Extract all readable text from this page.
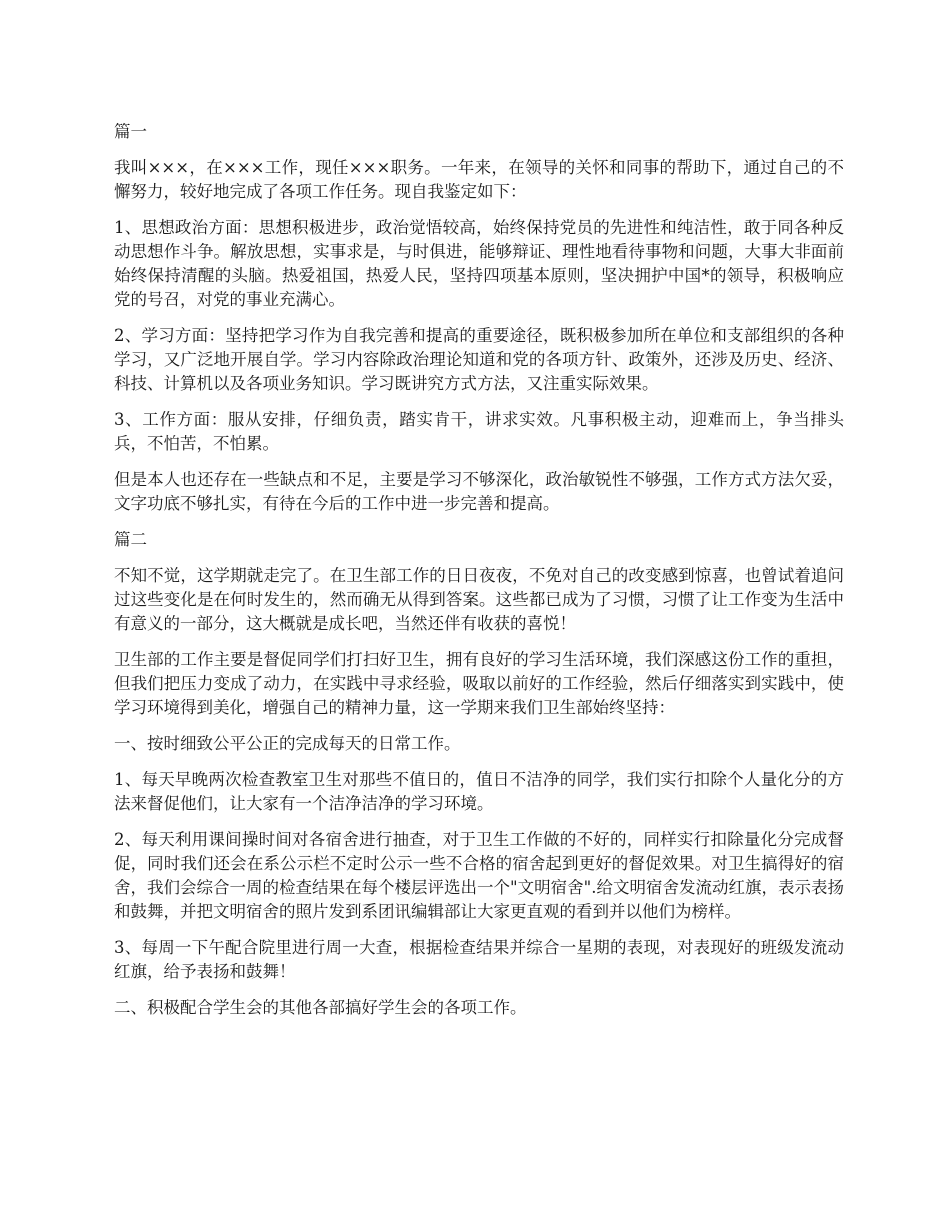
篇一

我叫×××，在×××工作，现任×××职务。一年来，在领导的关怀和同事的帮助下，通过自己的不懈努力，较好地完成了各项工作任务。现自我鉴定如下：

1、思想政治方面：思想积极进步，政治觉悟较高，始终保持党员的先进性和纯洁性，敢于同各种反动思想作斗争。解放思想，实事求是，与时俱进，能够辩证、理性地看待事物和问题，大事大非面前始终保持清醒的头脑。热爱祖国，热爱人民，坚持四项基本原则，坚决拥护中国*的领导，积极响应党的号召，对党的事业充满心。

2、学习方面：坚持把学习作为自我完善和提高的重要途径，既积极参加所在单位和支部组织的各种学习，又广泛地开展自学。学习内容除政治理论知道和党的各项方针、政策外，还涉及历史、经济、科技、计算机以及各项业务知识。学习既讲究方式方法，又注重实际效果。

3、工作方面：服从安排，仔细负责，踏实肯干，讲求实效。凡事积极主动，迎难而上，争当排头兵，不怕苦，不怕累。

但是本人也还存在一些缺点和不足，主要是学习不够深化，政治敏锐性不够强，工作方式方法欠妥，文字功底不够扎实，有待在今后的工作中进一步完善和提高。

篇二

不知不觉，这学期就走完了。在卫生部工作的日日夜夜，不免对自己的改变感到惊喜，也曾试着追问过这些变化是在何时发生的，然而确无从得到答案。这些都已成为了习惯，习惯了让工作变为生活中有意义的一部分，这大概就是成长吧，当然还伴有收获的喜悦！

卫生部的工作主要是督促同学们打扫好卫生，拥有良好的学习生活环境，我们深感这份工作的重担，但我们把压力变成了动力，在实践中寻求经验，吸取以前好的工作经验，然后仔细落实到实践中，使学习环境得到美化，增强自己的精神力量，这一学期来我们卫生部始终坚持：

一、按时细致公平公正的完成每天的日常工作。

1、每天早晚两次检查教室卫生对那些不值日的，值日不洁净的同学，我们实行扣除个人量化分的方法来督促他们，让大家有一个洁净洁净的学习环境。

2、每天利用课间操时间对各宿舍进行抽查，对于卫生工作做的不好的，同样实行扣除量化分完成督促，同时我们还会在系公示栏不定时公示一些不合格的宿舍起到更好的督促效果。对卫生搞得好的宿舍，我们会综合一周的检查结果在每个楼层评选出一个"文明宿舍".给文明宿舍发流动红旗，表示表扬和鼓舞，并把文明宿舍的照片发到系团讯编辑部让大家更直观的看到并以他们为榜样。

3、每周一下午配合院里进行周一大查，根据检查结果并综合一星期的表现，对表现好的班级发流动红旗，给予表扬和鼓舞！

二、积极配合学生会的其他各部搞好学生会的各项工作。
